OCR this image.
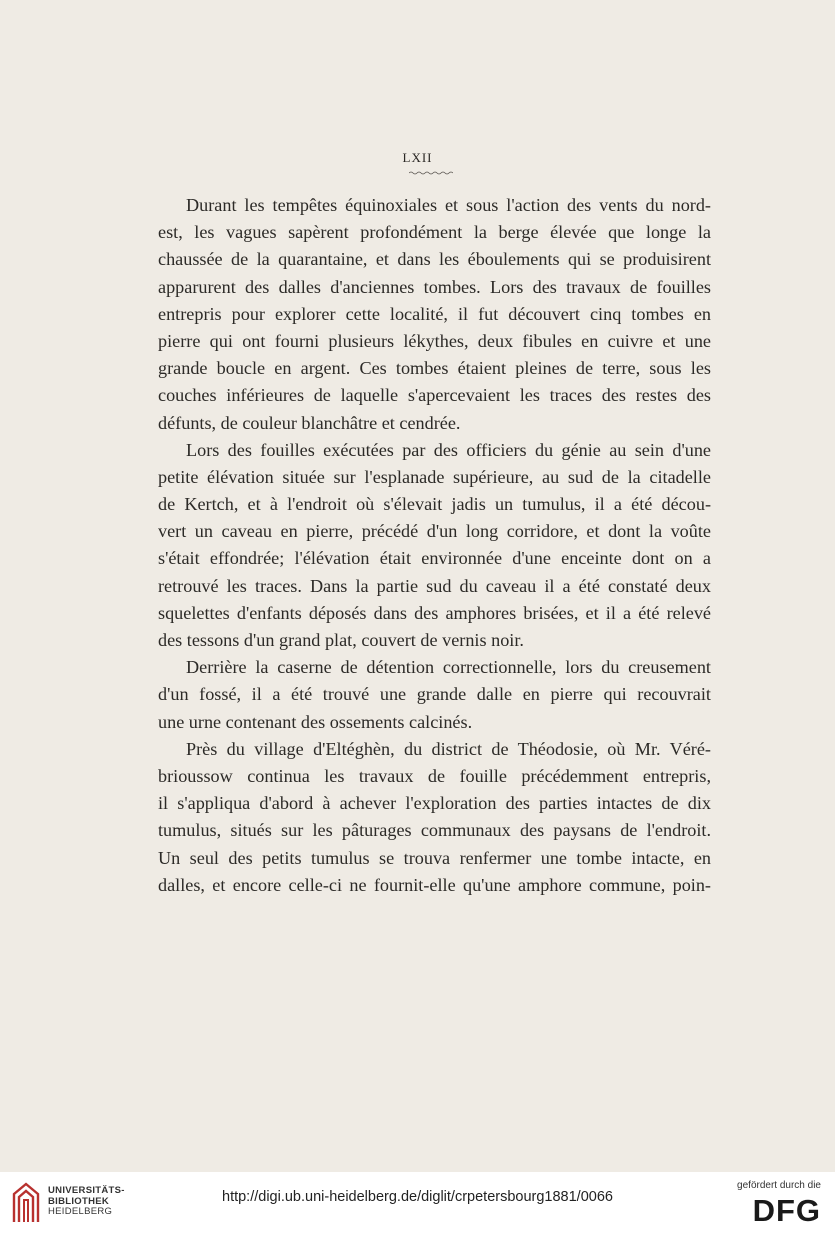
LXII
Durant les tempêtes équinoxiales et sous l'action des vents du nord-
est, les vagues sapèrent profondément la berge élevée que longe la
chaussée de la quarantaine, et dans les éboulements qui se produisirent
apparurent des dalles d'anciennes tombes. Lors des travaux de fouilles
entrepris pour explorer cette localité, il fut découvert cinq tombes en
pierre qui ont fourni plusieurs lékythes, deux fibules en cuivre et une
grande boucle en argent. Ces tombes étaient pleines de terre, sous les
couches inférieures de laquelle s'apercevaient les traces des restes des
défunts, de couleur blanchâtre et cendrée.
Lors des fouilles exécutées par des officiers du génie au sein d'une
petite élévation située sur l'esplanade supérieure, au sud de la citadelle
de Kertch, et à l'endroit où s'élevait jadis un tumulus, il a été décou-
vert un caveau en pierre, précédé d'un long corridore, et dont la voûte
s'était effondrée; l'élévation était environnée d'une enceinte dont on a
retrouvé les traces. Dans la partie sud du caveau il a été constaté deux
squelettes d'enfants déposés dans des amphores brisées, et il a été relevé
des tessons d'un grand plat, couvert de vernis noir.
Derrière la caserne de détention correctionnelle, lors du creusement
d'un fossé, il a été trouvé une grande dalle en pierre qui recouvrait
une urne contenant des ossements calcinés.
Près du village d'Eltéghèn, du district de Théodosie, où Mr. Véré-
brioussow continua les travaux de fouille précédemment entrepris,
il s'appliqua d'abord à achever l'exploration des parties intactes de dix
tumulus, situés sur les pâturages communaux des paysans de l'endroit.
Un seul des petits tumulus se trouva renfermer une tombe intacte, en
dalles, et encore celle-ci ne fournit-elle qu'une amphore commune, poin-
UNIVERSITÄTS-
BIBLIOTHEK
HEIDELBERG
http://digi.ub.uni-heidelberg.de/diglit/crpetersbourg1881/0066
gefördert durch die
DFG
